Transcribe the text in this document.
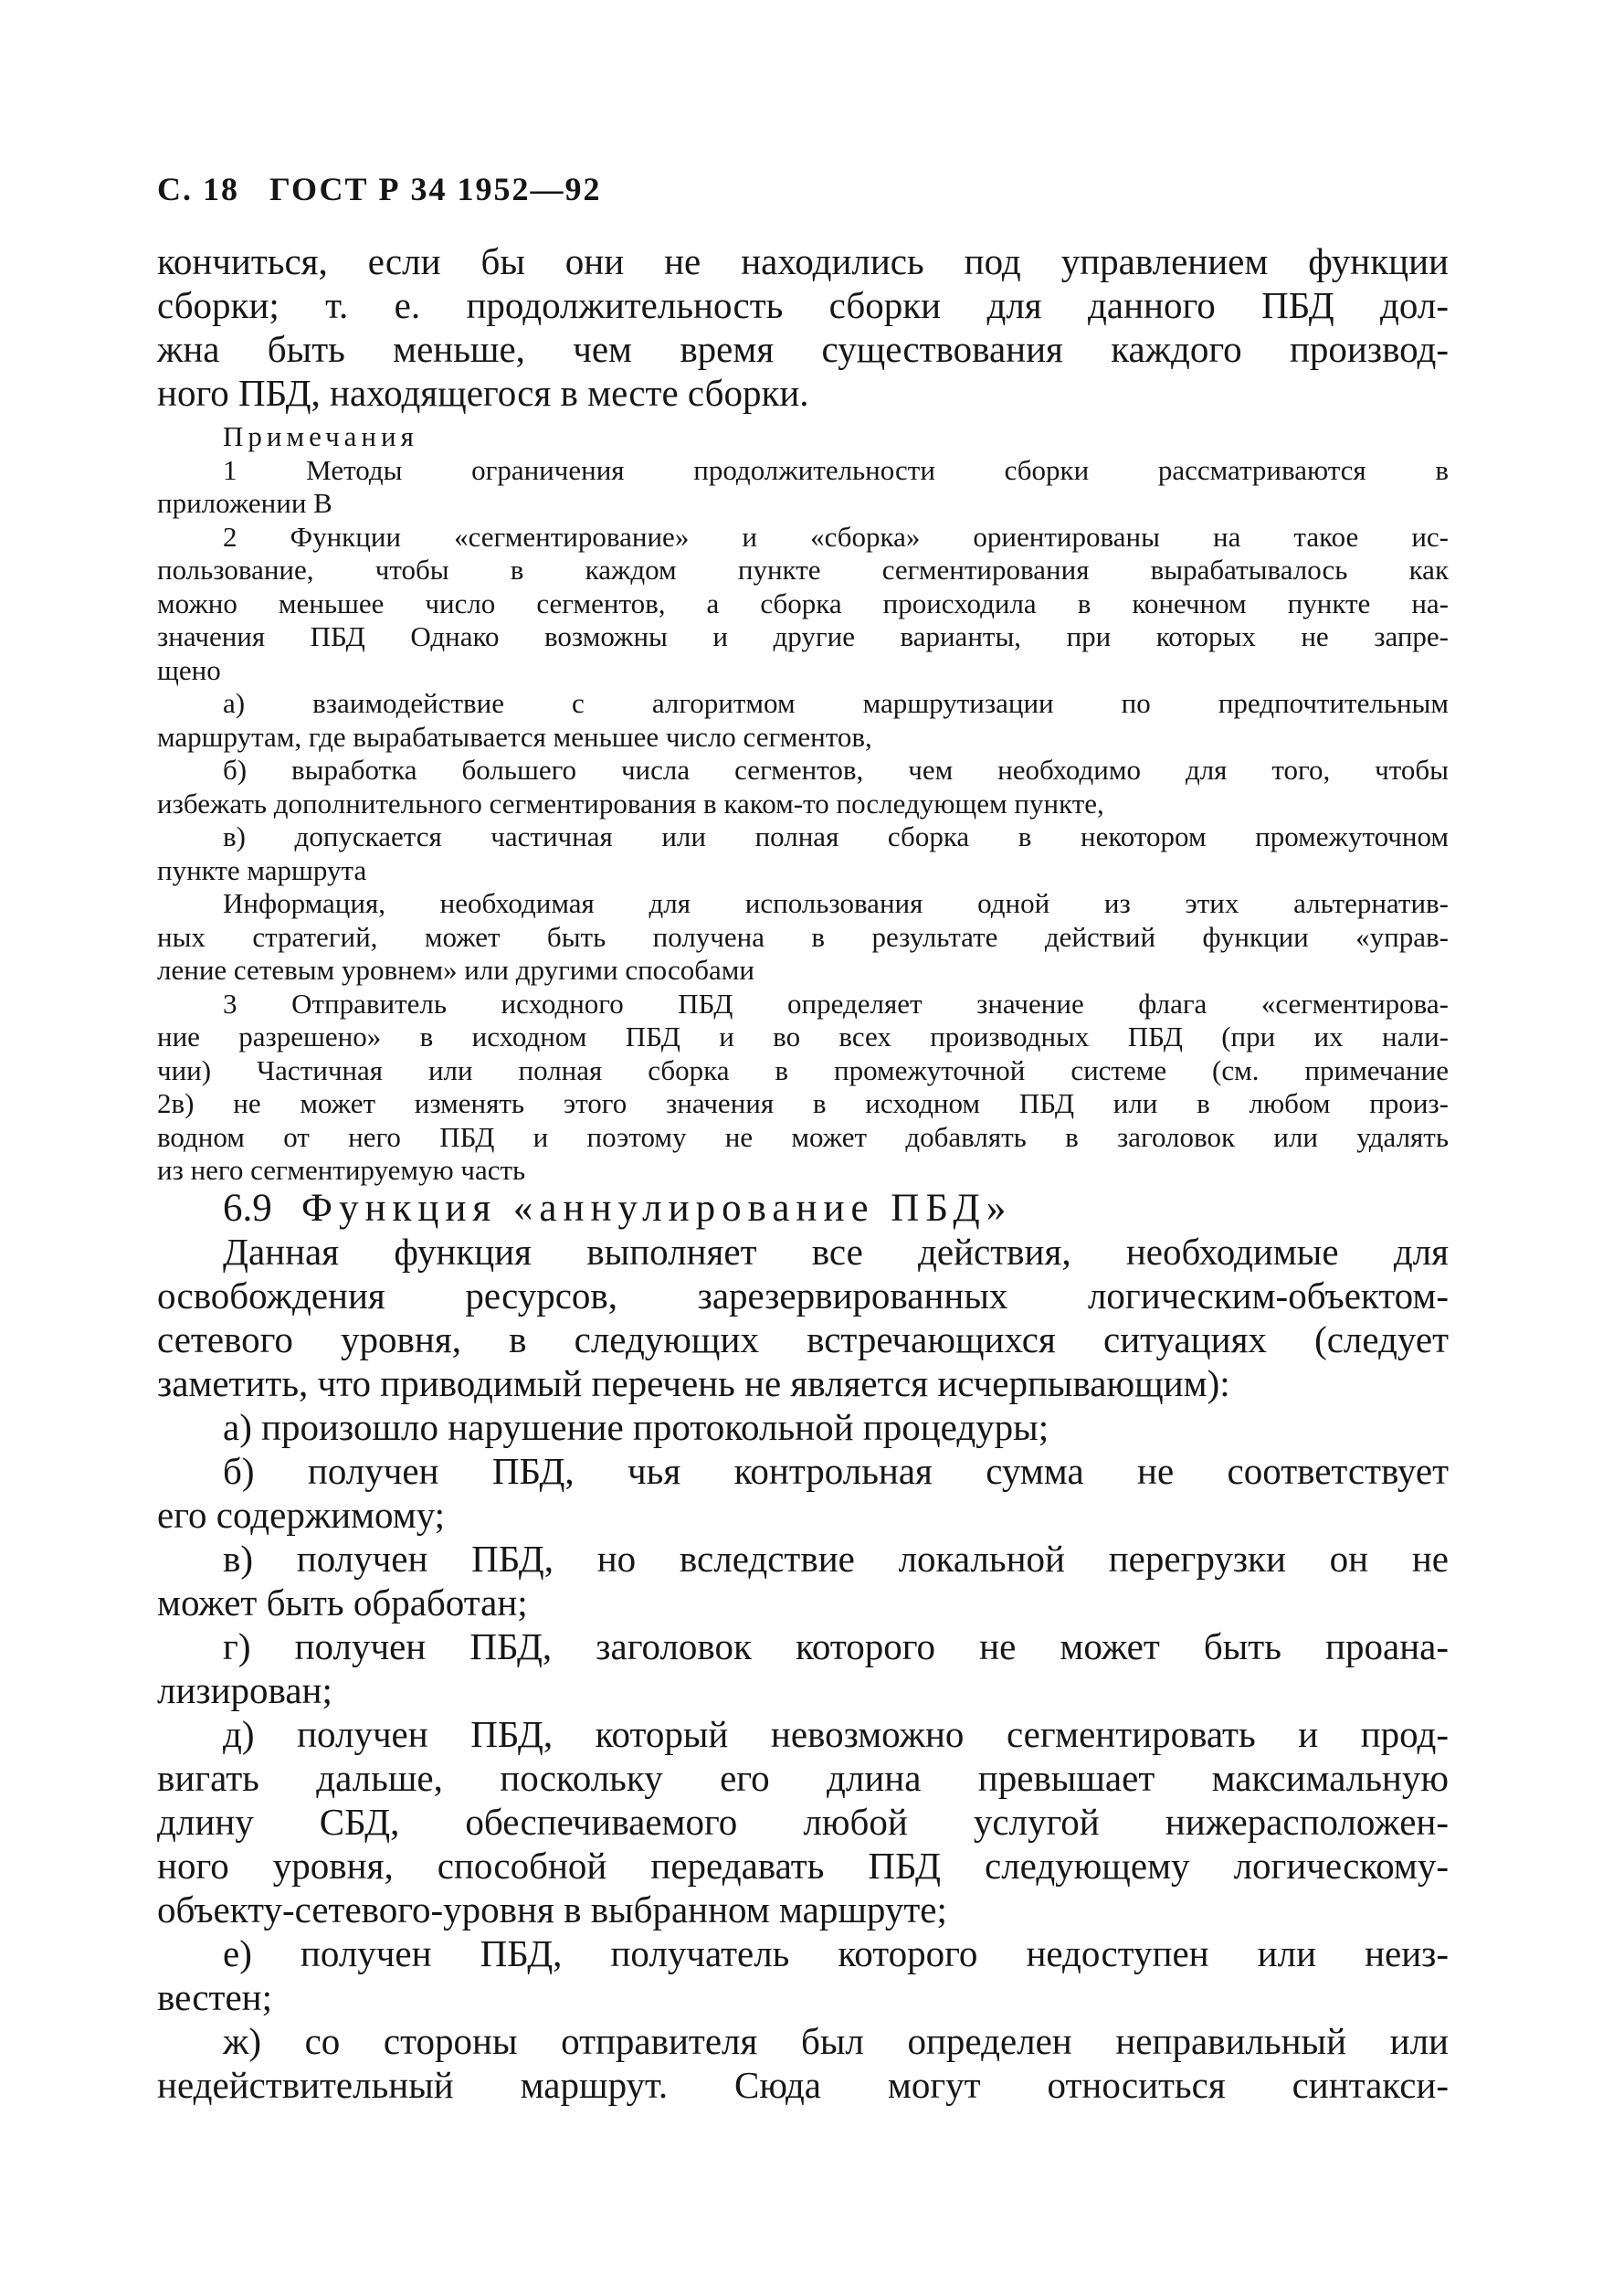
С. 18 ГОСТ Р 34 1952—92
кончиться, если бы они не находились под управлением функции
сборки; т. е. продолжительность сборки для данного ПБД дол-
жна быть меньше, чем время существования каждого производ-
ного ПБД, находящегося в месте сборки.
Примечания
1 Методы ограничения продолжительности сборки рассматриваются в
приложении В
2 Функции «сегментирование» и «сборка» ориентированы на такое ис-
пользование, чтобы в каждом пункте сегментирования вырабатывалось как
можно меньшее число сегментов, а сборка происходила в конечном пункте на-
значения ПБД Однако возможны и другие варианты, при которых не запре-
щено
а) взаимодействие с алгоритмом маршрутизации по предпочтительным
маршрутам, где вырабатывается меньшее число сегментов,
б) выработка большего числа сегментов, чем необходимо для того, чтобы
избежать дополнительного сегментирования в каком-то последующем пункте,
в) допускается частичная или полная сборка в некотором промежуточном
пункте маршрута
Информация, необходимая для использования одной из этих альтернатив-
ных стратегий, может быть получена в результате действий функции «управ-
ление сетевым уровнем» или другими способами
3 Отправитель исходного ПБД определяет значение флага «сегментирова-
ние разрешено» в исходном ПБД и во всех производных ПБД (при их нали-
чии) Частичная или полная сборка в промежуточной системе (см. примечание
2в) не может изменять этого значения в исходном ПБД или в любом произ-
водном от него ПБД и поэтому не может добавлять в заголовок или удалять
из него сегментируемую часть
6.9 Функция «аннулирование ПБД»
Данная функция выполняет все действия, необходимые для
освобождения ресурсов, зарезервированных логическим-объектом-
сетевого уровня, в следующих встречающихся ситуациях (следует
заметить, что приводимый перечень не является исчерпывающим):
а) произошло нарушение протокольной процедуры;
б) получен ПБД, чья контрольная сумма не соответствует
его содержимому;
в) получен ПБД, но вследствие локальной перегрузки он не
может быть обработан;
г) получен ПБД, заголовок которого не может быть проана-
лизирован;
д) получен ПБД, который невозможно сегментировать и прод-
вигать дальше, поскольку его длина превышает максимальную
длину СБД, обеспечиваемого любой услугой нижерасположен-
ного уровня, способной передавать ПБД следующему логическому-
объекту-сетевого-уровня в выбранном маршруте;
е) получен ПБД, получатель которого недоступен или неиз-
вестен;
ж) со стороны отправителя был определен неправильный или
недействительный маршрут. Сюда могут относиться синтакси-
